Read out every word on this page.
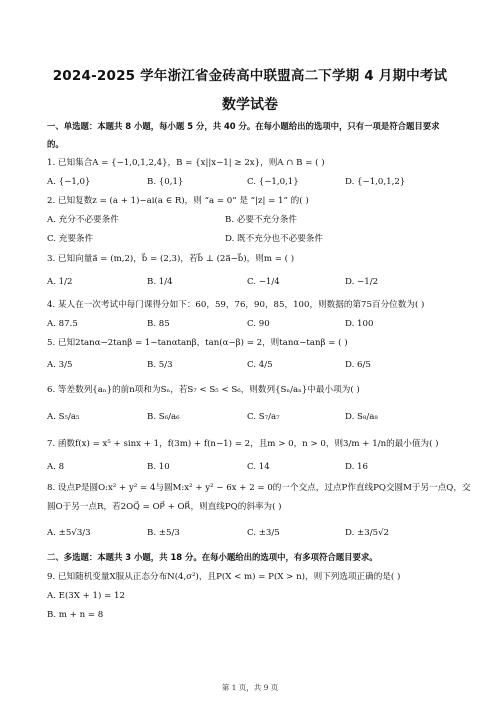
2024-2025 学年浙江省金砖高中联盟高二下学期 4 月期中考试
数学试卷
一、单选题：本题共 8 小题，每小题 5 分，共 40 分。在每小题给出的选项中，只有一项是符合题目要求
的。
1. 已知集合A = {−1,0,1,2,4}，B = {x||x−1| ≥ 2x}，则A ∩ B = ( )
A. {−1,0}	B. {0,1}	C. {−1,0,1}	D. {−1,0,1,2}
2. 已知复数z = (a + 1)−ai(a ∈ R)，则 “a = 0” 是 “|z| = 1” 的( )
A. 充分不必要条件	B. 必要不充分条件
C. 充要条件	D. 既不充分也不必要条件
3. 已知向量a⃗ = (m,2)，b⃗ = (2,3)，若b⃗ ⊥ (2a⃗−b⃗)，则m = ( )
A. 1/2	B. 1/4	C. −1/4	D. −1/2
4. 某人在一次考试中每门课得分如下：60，59，76，90，85，100，则数据的第75百分位数为( )
A. 87.5	B. 85	C. 90	D. 100
5. 已知2tanα−2tanβ = 1−tanαtanβ，tan(α−β) = 2，则tanα−tanβ = ( )
A. 3/5	B. 5/3	C. 4/5	D. 6/5
6. 等差数列{aₙ}的前n项和为Sₙ，若S₇ < S₅ < S₆，则数列{Sₙ/aₙ}中最小项为( )
A. S₅/a₅	B. S₆/a₆	C. S₇/a₇	D. S₈/a₈
7. 函数f(x) = x⁵ + sinx + 1，f(3m) + f(n−1) = 2，且m > 0，n > 0，则3/m + 1/n的最小值为( )
A. 8	B. 10	C. 14	D. 16
8. 设点P是圆O:x² + y² = 4与圆M:x² + y² − 6x + 2 = 0的一个交点，过点P作直线PQ交圆M于另一点Q，交
圆O于另一点R，若2OQ⃗ = OP⃗ + OR⃗，则直线PQ的斜率为( )
A. ±5√3/3	B. ±5/3	C. ±3/5	D. ±3/5√2
二、多选题：本题共 3 小题，共 18 分。在每小题给出的选项中，有多项符合题目要求。
9. 已知随机变量X服从正态分布N(4,σ²)，且P(X < m) = P(X > n)，则下列选项正确的是( )
A. E(3X + 1) = 12
B. m + n = 8
第 1 页，共 9 页
